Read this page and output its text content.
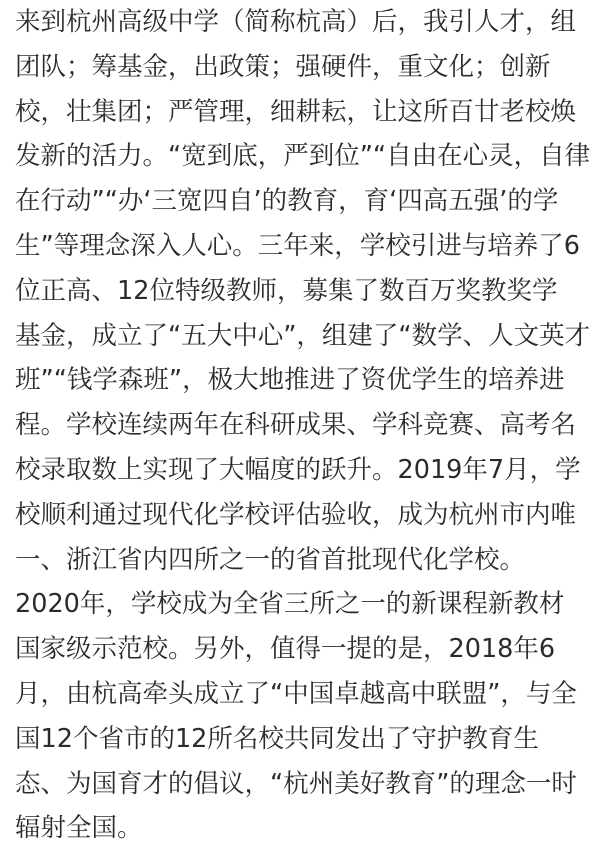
来到杭州高级中学（简称杭高）后，我引人才，组
团队；筹基金，出政策；强硬件，重文化；创新
校，壮集团；严管理，细耕耘，让这所百廿老校焕
发新的活力。“宽到底，严到位”“自由在心灵，自律
在行动”“办‘三宽四自’的教育，育‘四高五强’的学
生”等理念深入人心。三年来，学校引进与培养了6
位正高、12位特级教师，募集了数百万奖教奖学
基金，成立了“五大中心”，组建了“数学、人文英才
班”“钱学森班”，极大地推进了资优学生的培养进
程。学校连续两年在科研成果、学科竞赛、高考名
校录取数上实现了大幅度的跃升。2019年7月，学
校顺利通过现代化学校评估验收，成为杭州市内唯
一、浙江省内四所之一的省首批现代化学校。
2020年，学校成为全省三所之一的新课程新教材
国家级示范校。另外，值得一提的是，2018年6
月，由杭高牵头成立了“中国卓越高中联盟”，与全
国12个省市的12所名校共同发出了守护教育生
态、为国育才的倡议，“杭州美好教育”的理念一时
辐射全国。
